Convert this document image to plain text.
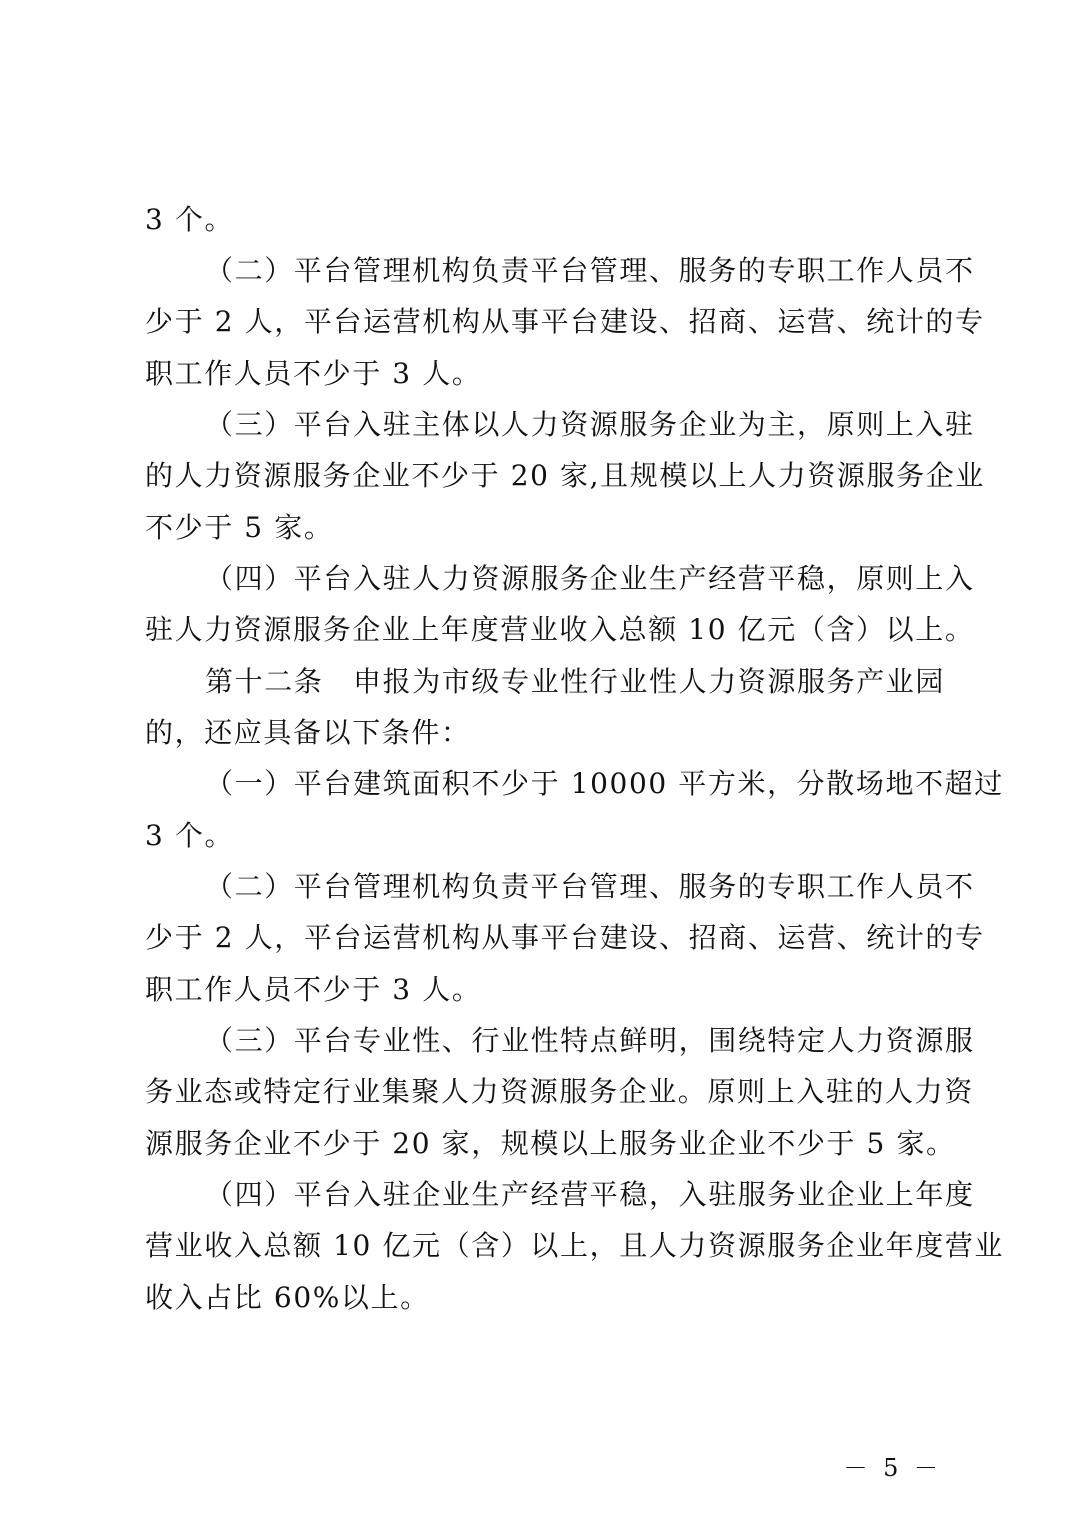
3 个。
（二）平台管理机构负责平台管理、服务的专职工作人员不
少于 2 人，平台运营机构从事平台建设、招商、运营、统计的专
职工作人员不少于 3 人。
（三）平台入驻主体以人力资源服务企业为主，原则上入驻
的人力资源服务企业不少于 20 家,且规模以上人力资源服务企业
不少于 5 家。
（四）平台入驻人力资源服务企业生产经营平稳，原则上入
驻人力资源服务企业上年度营业收入总额 10 亿元（含）以上。
第十二条　申报为市级专业性行业性人力资源服务产业园
的，还应具备以下条件：
（一）平台建筑面积不少于 10000 平方米，分散场地不超过
3 个。
（二）平台管理机构负责平台管理、服务的专职工作人员不
少于 2 人，平台运营机构从事平台建设、招商、运营、统计的专
职工作人员不少于 3 人。
（三）平台专业性、行业性特点鲜明，围绕特定人力资源服
务业态或特定行业集聚人力资源服务企业。原则上入驻的人力资
源服务企业不少于 20 家，规模以上服务业企业不少于 5 家。
（四）平台入驻企业生产经营平稳，入驻服务业企业上年度
营业收入总额 10 亿元（含）以上，且人力资源服务企业年度营业
收入占比 60%以上。
－ 5 －
